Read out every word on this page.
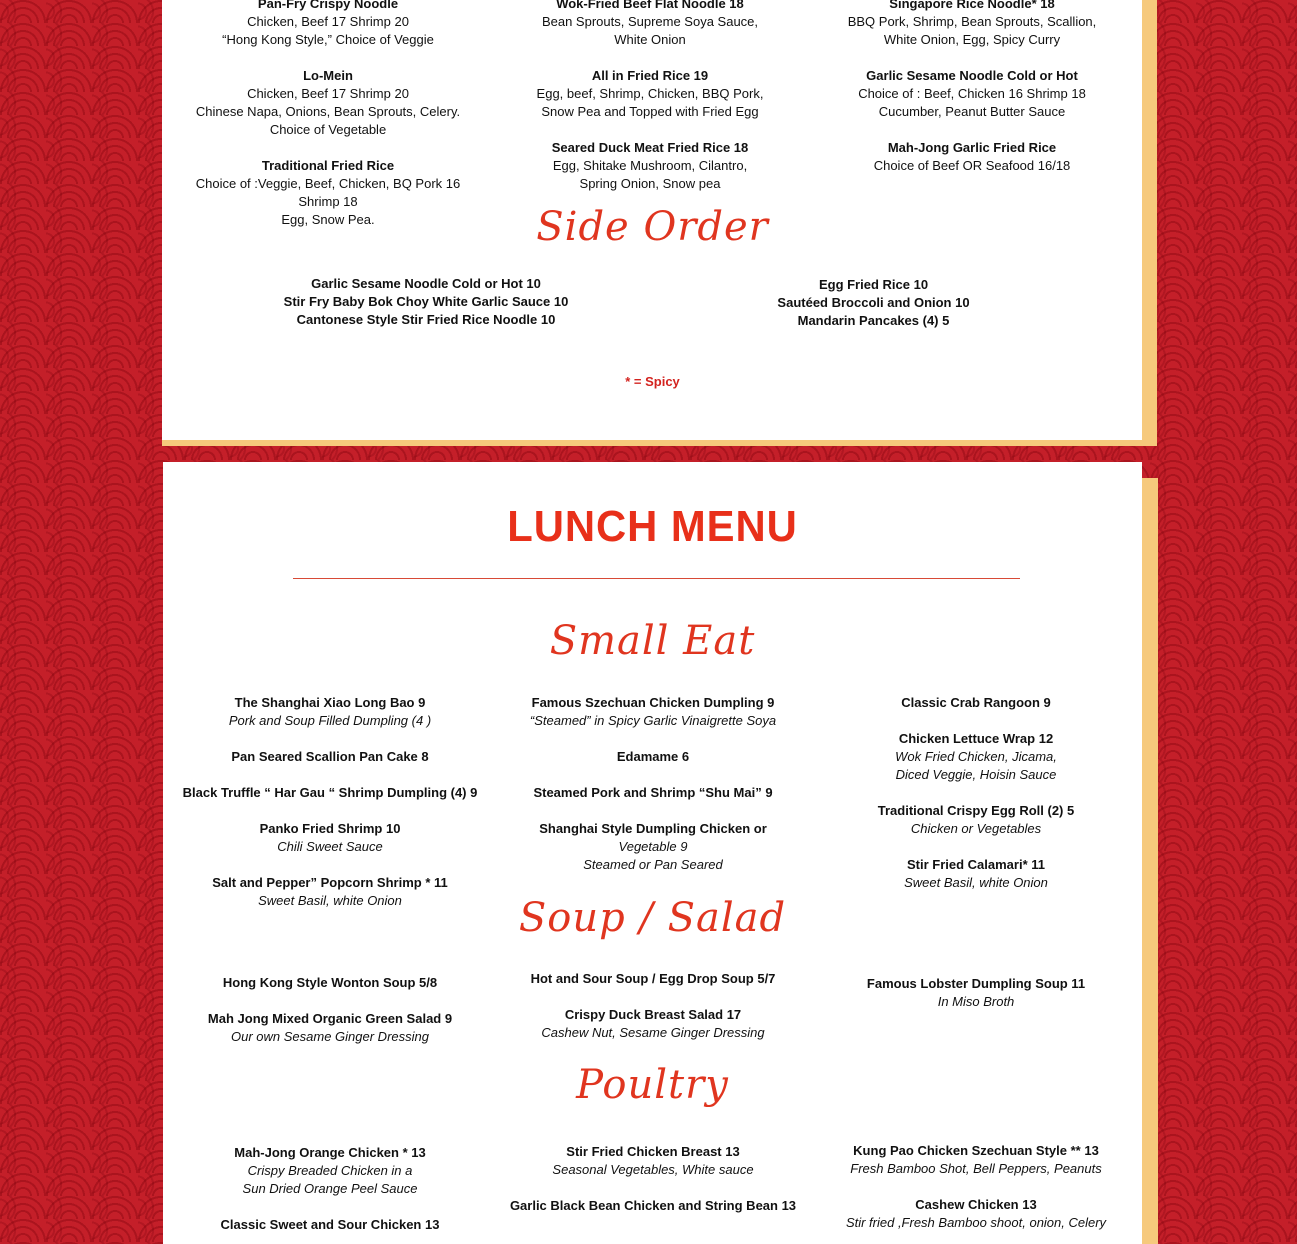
Pan-Fry Crispy Noodle
Chicken, Beef 17 Shrimp 20
“Hong Kong Style,” Choice of Veggie
Lo-Mein
Chicken, Beef 17 Shrimp 20
Chinese Napa, Onions, Bean Sprouts, Celery.
Choice of Vegetable
Traditional Fried Rice
Choice of :Veggie, Beef, Chicken, BQ Pork 16
Shrimp 18
Egg, Snow Pea.
Wok-Fried Beef Flat Noodle 18
Bean Sprouts, Supreme Soya Sauce,
White Onion
All in Fried Rice 19
Egg, beef, Shrimp, Chicken, BBQ Pork,
Snow Pea and Topped with Fried Egg
Seared Duck Meat Fried Rice 18
Egg, Shitake Mushroom, Cilantro,
Spring Onion, Snow pea
Singapore Rice Noodle* 18
BBQ Pork, Shrimp, Bean Sprouts, Scallion,
White Onion, Egg, Spicy Curry
Garlic Sesame Noodle Cold or Hot
Choice of : Beef, Chicken 16 Shrimp 18
Cucumber, Peanut Butter Sauce
Mah-Jong Garlic Fried Rice
Choice of Beef OR Seafood 16/18
Side Order
Garlic Sesame Noodle Cold or Hot 10
Stir Fry Baby Bok Choy White Garlic Sauce 10
Cantonese Style Stir Fried Rice Noodle 10
Egg Fried Rice 10
Sautéed Broccoli and Onion 10
Mandarin Pancakes (4) 5
* = Spicy
LUNCH MENU
Small Eat
The Shanghai Xiao Long Bao 9
Pork and Soup Filled Dumpling (4 )
Pan Seared Scallion Pan Cake 8
Black Truffle “ Har Gau “ Shrimp Dumpling (4) 9
Panko Fried Shrimp 10
Chili Sweet Sauce
Salt and Pepper” Popcorn Shrimp * 11
Sweet Basil, white Onion
Famous Szechuan Chicken Dumpling 9
“Steamed” in Spicy Garlic Vinaigrette Soya
Edamame 6
Steamed Pork and Shrimp “Shu Mai” 9
Shanghai Style Dumpling Chicken or
Vegetable 9
Steamed or Pan Seared
Classic Crab Rangoon 9
Chicken Lettuce Wrap 12
Wok Fried Chicken, Jicama,
Diced Veggie, Hoisin Sauce
Traditional Crispy Egg Roll (2) 5
Chicken or Vegetables
Stir Fried Calamari* 11
Sweet Basil, white Onion
Soup / Salad
Hong Kong Style Wonton Soup 5/8
Mah Jong Mixed Organic Green Salad 9
Our own Sesame Ginger Dressing
Hot and Sour Soup / Egg Drop Soup 5/7
Crispy Duck Breast Salad 17
Cashew Nut, Sesame Ginger Dressing
Famous Lobster Dumpling Soup 11
In Miso Broth
Poultry
Mah-Jong Orange Chicken * 13
Crispy Breaded Chicken in a
Sun Dried Orange Peel Sauce
Classic Sweet and Sour Chicken 13
Stir Fried Chicken Breast 13
Seasonal Vegetables, White sauce
Garlic Black Bean Chicken and String Bean 13
Kung Pao Chicken Szechuan Style ** 13
Fresh Bamboo Shot, Bell Peppers, Peanuts
Cashew Chicken 13
Stir fried ,Fresh Bamboo shoot, onion, Celery
